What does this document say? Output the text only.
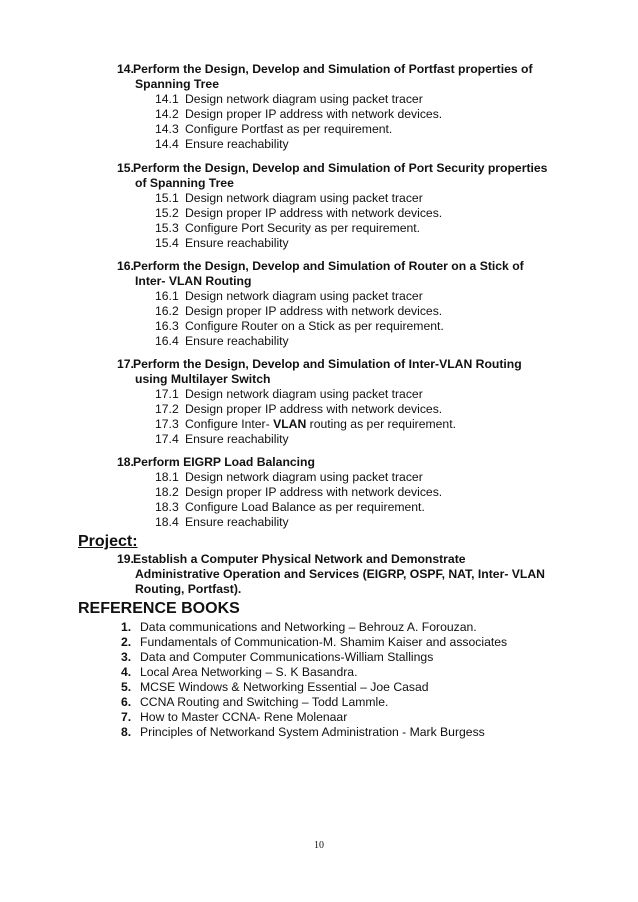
14.Perform the Design, Develop and Simulation of Portfast properties of
Spanning Tree
14.1 Design network diagram using packet tracer
14.2 Design proper IP address with network devices.
14.3 Configure Portfast as per requirement.
14.4 Ensure reachability
15.Perform the Design, Develop and Simulation of Port Security properties
of Spanning Tree
15.1 Design network diagram using packet tracer
15.2 Design proper IP address with network devices.
15.3 Configure Port Security as per requirement.
15.4 Ensure reachability
16.Perform the Design, Develop and Simulation of Router on a Stick of
Inter- VLAN Routing
16.1 Design network diagram using packet tracer
16.2 Design proper IP address with network devices.
16.3 Configure Router on a Stick as per requirement.
16.4 Ensure reachability
17.Perform the Design, Develop and Simulation of Inter-VLAN Routing
using Multilayer Switch
17.1 Design network diagram using packet tracer
17.2 Design proper IP address with network devices.
17.3 Configure Inter- VLAN routing as per requirement.
17.4 Ensure reachability
18.Perform EIGRP Load Balancing
18.1 Design network diagram using packet tracer
18.2 Design proper IP address with network devices.
18.3 Configure Load Balance as per requirement.
18.4 Ensure reachability
Project:
19.Establish a Computer Physical Network and Demonstrate
Administrative Operation and Services (EIGRP, OSPF, NAT, Inter- VLAN
Routing, Portfast).
REFERENCE BOOKS
1. Data communications and Networking – Behrouz A. Forouzan.
2. Fundamentals of Communication-M. Shamim Kaiser and associates
3. Data and Computer Communications-William Stallings
4. Local Area Networking – S. K Basandra.
5. MCSE Windows & Networking Essential – Joe Casad
6. CCNA Routing and Switching – Todd Lammle.
7. How to Master CCNA- Rene Molenaar
8. Principles of Networkand System Administration - Mark Burgess
10
